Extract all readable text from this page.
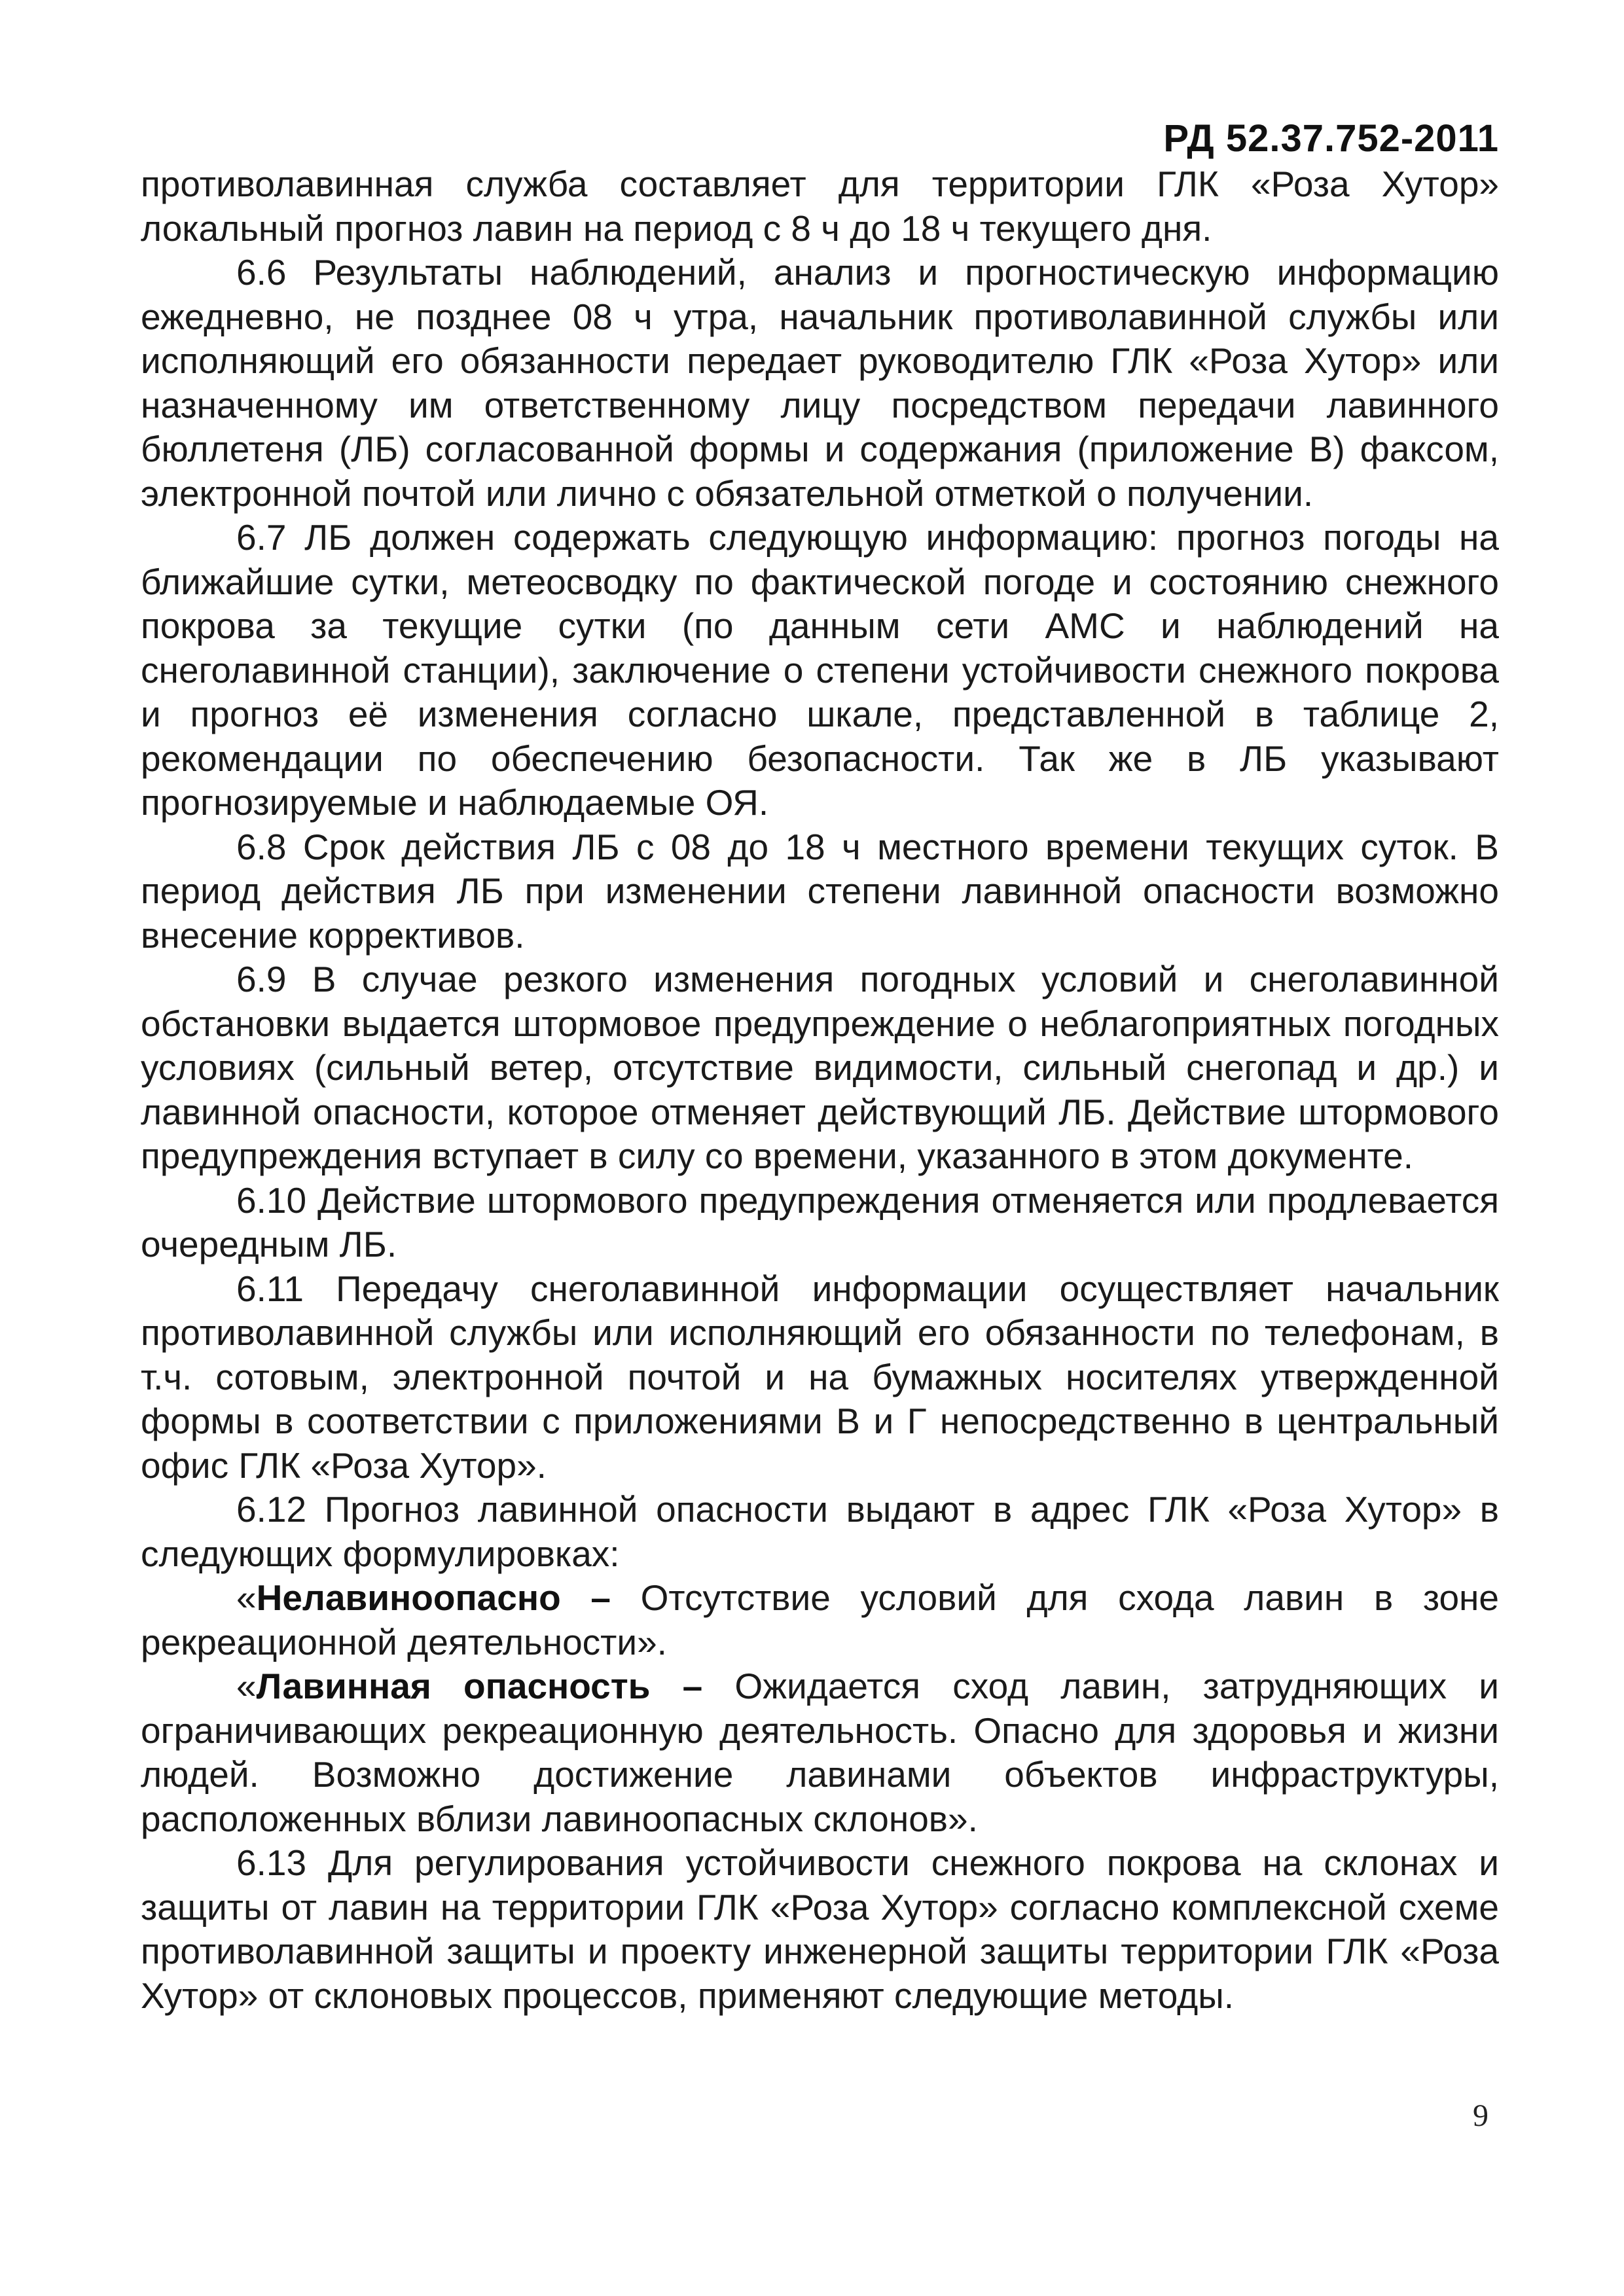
РД 52.37.752-2011

противолавинная служба составляет для территории ГЛК «Роза Хутор» локальный прогноз лавин на период с 8 ч до 18 ч текущего дня.

6.6 Результаты наблюдений, анализ и прогностическую информацию ежедневно, не позднее 08 ч утра, начальник противолавинной службы или исполняющий его обязанности передает руководителю ГЛК «Роза Хутор» или назначенному им ответственному лицу посредством передачи лавинного бюллетеня (ЛБ) согласованной формы и содержания (приложение В) факсом, электронной почтой или лично с обязательной отметкой о получении.

6.7 ЛБ должен содержать следующую информацию: прогноз погоды на ближайшие сутки, метеосводку по фактической погоде и состоянию снежного покрова за текущие сутки (по данным сети АМС и наблюдений на снеголавинной станции), заключение о степени устойчивости снежного покрова и прогноз её изменения согласно шкале, представленной в таблице 2, рекомендации по обеспечению безопасности. Так же в ЛБ указывают прогнозируемые и наблюдаемые ОЯ.

6.8 Срок действия ЛБ с 08 до 18 ч местного времени текущих суток. В период действия ЛБ при изменении степени лавинной опасности возможно внесение коррективов.

6.9 В случае резкого изменения погодных условий и снеголавинной обстановки выдается штормовое предупреждение о неблагоприятных погодных условиях (сильный ветер, отсутствие видимости, сильный снегопад и др.) и лавинной опасности, которое отменяет действующий ЛБ. Действие штормового предупреждения вступает в силу со времени, указанного в этом документе.

6.10 Действие штормового предупреждения отменяется или продлевается очередным ЛБ.

6.11 Передачу снеголавинной информации осуществляет начальник противолавинной службы или исполняющий его обязанности по телефонам, в т.ч. сотовым, электронной почтой и на бумажных носителях утвержденной формы в соответствии с приложениями В и Г непосредственно в центральный офис ГЛК «Роза Хутор».

6.12 Прогноз лавинной опасности выдают в адрес ГЛК «Роза Хутор» в следующих формулировках:

«Нелавиноопасно – Отсутствие условий для схода лавин в зоне рекреационной деятельности».

«Лавинная опасность – Ожидается сход лавин, затрудняющих и ограничивающих рекреационную деятельность. Опасно для здоровья и жизни людей. Возможно достижение лавинами объектов инфраструктуры, расположенных вблизи лавиноопасных склонов».

6.13 Для регулирования устойчивости снежного покрова на склонах и защиты от лавин на территории ГЛК «Роза Хутор» согласно комплексной схеме противолавинной защиты и проекту инженерной защиты территории ГЛК «Роза Хутор» от склоновых процессов, применяют следующие методы.

9
